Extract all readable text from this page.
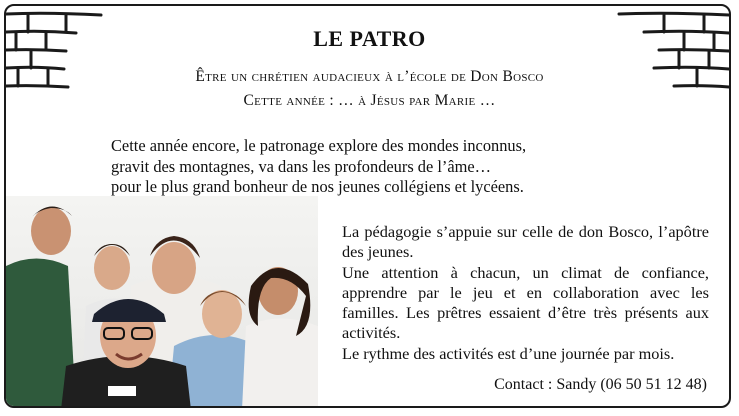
LE PATRO
Être un chrétien audacieux à l’école de Don Bosco
Cette année : … à Jésus par Marie …
Cette année encore, le patronage explore des mondes inconnus,
gravit des montagnes, va dans les profondeurs de l’âme…
pour le plus grand bonheur de nos jeunes collégiens et lycéens.

La pédagogie s’appuie sur celle de don Bosco, l’apôtre des jeunes.

Une attention à chacun, un climat de confiance, apprendre par le jeu et en collaboration avec les familles. Les prêtres essaient d’être très présents aux activités.

Le rythme des activités est d’une journée par mois.

Contact : Sandy (06 50 51 12 48)
